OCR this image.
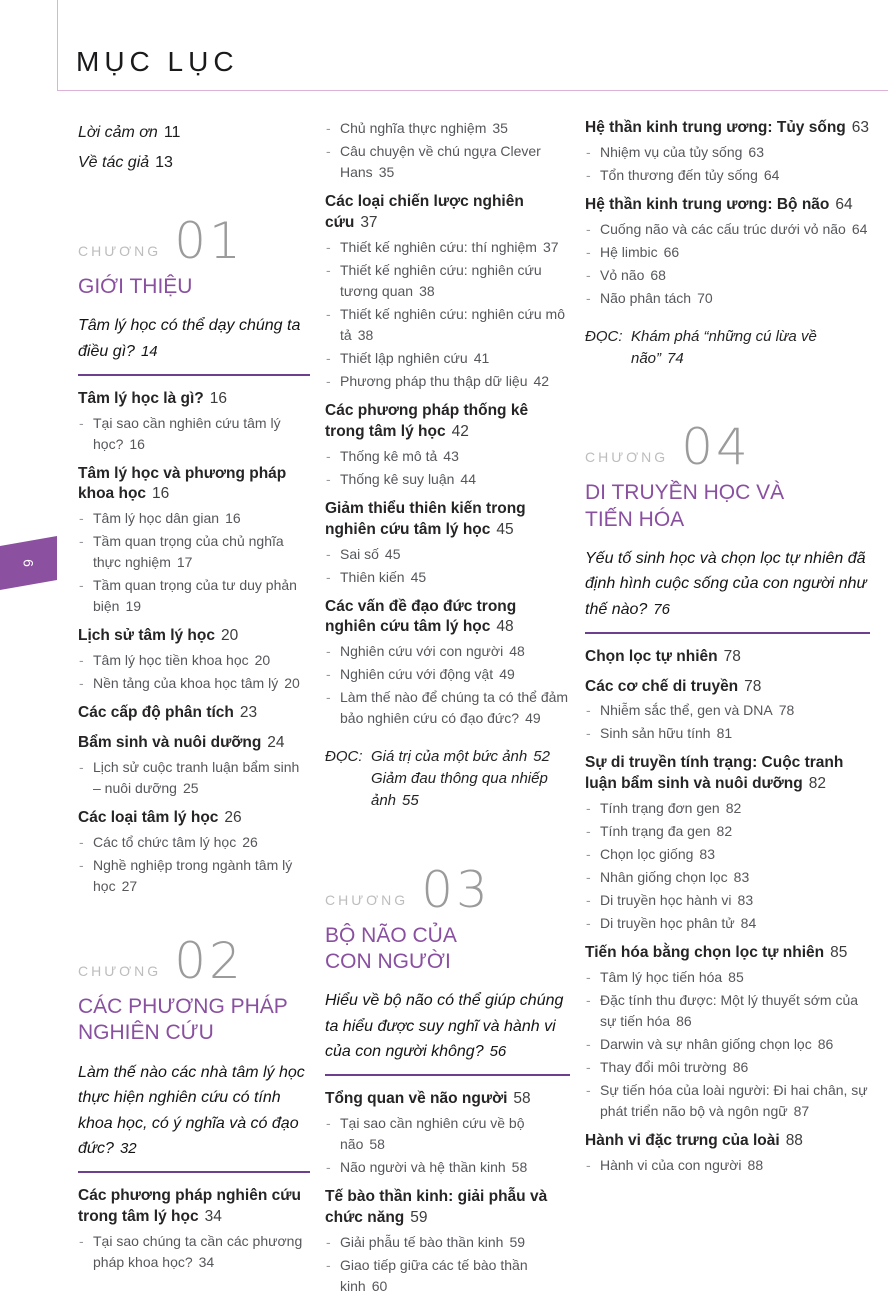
MỤC LỤC
6
Lời cảm ơn 11
Về tác giả 13
CHƯƠNG 01
GIỚI THIỆU
Tâm lý học có thể dạy chúng ta điều gì? 14
Tâm lý học là gì? 16
- Tại sao cần nghiên cứu tâm lý học? 16
Tâm lý học và phương pháp khoa học 16
- Tâm lý học dân gian 16
- Tầm quan trọng của chủ nghĩa thực nghiệm 17
- Tầm quan trọng của tư duy phản biện 19
Lịch sử tâm lý học 20
- Tâm lý học tiền khoa học 20
- Nền tảng của khoa học tâm lý 20
Các cấp độ phân tích 23
Bẩm sinh và nuôi dưỡng 24
- Lịch sử cuộc tranh luận bẩm sinh – nuôi dưỡng 25
Các loại tâm lý học 26
- Các tổ chức tâm lý học 26
- Nghề nghiệp trong ngành tâm lý học 27
CHƯƠNG 02
CÁC PHƯƠNG PHÁP
NGHIÊN CỨU
Làm thế nào các nhà tâm lý học thực hiện nghiên cứu có tính khoa học, có ý nghĩa và có đạo đức? 32
Các phương pháp nghiên cứu trong tâm lý học 34
- Tại sao chúng ta cần các phương pháp khoa học? 34
- Chủ nghĩa thực nghiệm 35
- Câu chuyện về chú ngựa Clever Hans 35
Các loại chiến lược nghiên cứu 37
- Thiết kế nghiên cứu: thí nghiệm 37
- Thiết kế nghiên cứu: nghiên cứu tương quan 38
- Thiết kế nghiên cứu: nghiên cứu mô tả 38
- Thiết lập nghiên cứu 41
- Phương pháp thu thập dữ liệu 42
Các phương pháp thống kê trong tâm lý học 42
- Thống kê mô tả 43
- Thống kê suy luận 44
Giảm thiểu thiên kiến trong nghiên cứu tâm lý học 45
- Sai số 45
- Thiên kiến 45
Các vấn đề đạo đức trong nghiên cứu tâm lý học 48
- Nghiên cứu với con người 48
- Nghiên cứu với động vật 49
- Làm thế nào để chúng ta có thể đảm bảo nghiên cứu có đạo đức? 49
ĐỌC: Giá trị của một bức ảnh 52
Giảm đau thông qua nhiếp ảnh 55
CHƯƠNG 03
BỘ NÃO CỦA
CON NGƯỜI
Hiểu về bộ não có thể giúp chúng ta hiểu được suy nghĩ và hành vi của con người không? 56
Tổng quan về não người 58
- Tại sao cần nghiên cứu về bộ não 58
- Não người và hệ thần kinh 58
Tế bào thần kinh: giải phẫu và chức năng 59
- Giải phẫu tế bào thần kinh 59
- Giao tiếp giữa các tế bào thần kinh 60
Hệ thần kinh trung ương: Tủy sống 63
- Nhiệm vụ của tủy sống 63
- Tổn thương đến tủy sống 64
Hệ thần kinh trung ương: Bộ não 64
- Cuống não và các cấu trúc dưới vỏ não 64
- Hệ limbic 66
- Vỏ não 68
- Não phân tách 70
ĐỌC: Khám phá “những cú lừa về não” 74
CHƯƠNG 04
DI TRUYỀN HỌC VÀ
TIẾN HÓA
Yếu tố sinh học và chọn lọc tự nhiên đã định hình cuộc sống của con người như thế nào? 76
Chọn lọc tự nhiên 78
Các cơ chế di truyền 78
- Nhiễm sắc thể, gen và DNA 78
- Sinh sản hữu tính 81
Sự di truyền tính trạng: Cuộc tranh luận bẩm sinh và nuôi dưỡng 82
- Tính trạng đơn gen 82
- Tính trạng đa gen 82
- Chọn lọc giống 83
- Nhân giống chọn lọc 83
- Di truyền học hành vi 83
- Di truyền học phân tử 84
Tiến hóa bằng chọn lọc tự nhiên 85
- Tâm lý học tiến hóa 85
- Đặc tính thu được: Một lý thuyết sớm của sự tiến hóa 86
- Darwin và sự nhân giống chọn lọc 86
- Thay đổi môi trường 86
- Sự tiến hóa của loài người: Đi hai chân, sự phát triển não bộ và ngôn ngữ 87
Hành vi đặc trưng của loài 88
- Hành vi của con người 88
